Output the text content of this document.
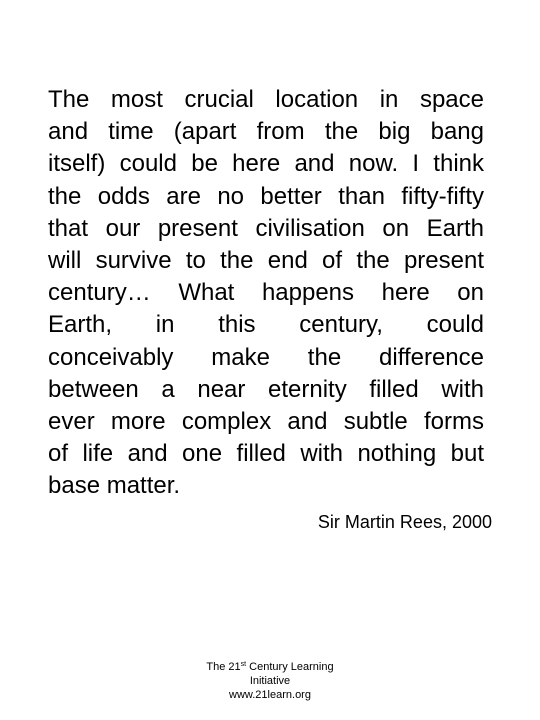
The most crucial location in space
and time (apart from the big bang
itself) could be here and now. I think
the odds are no better than fifty-fifty
that our present civilisation on Earth
will survive to the end of the present
century… What happens here on
Earth, in this century, could
conceivably make the difference
between a near eternity filled with
ever more complex and subtle forms
of life and one filled with nothing but
base matter.

Sir Martin Rees, 2000

The 21st Century Learning
Initiative
www.21learn.org
